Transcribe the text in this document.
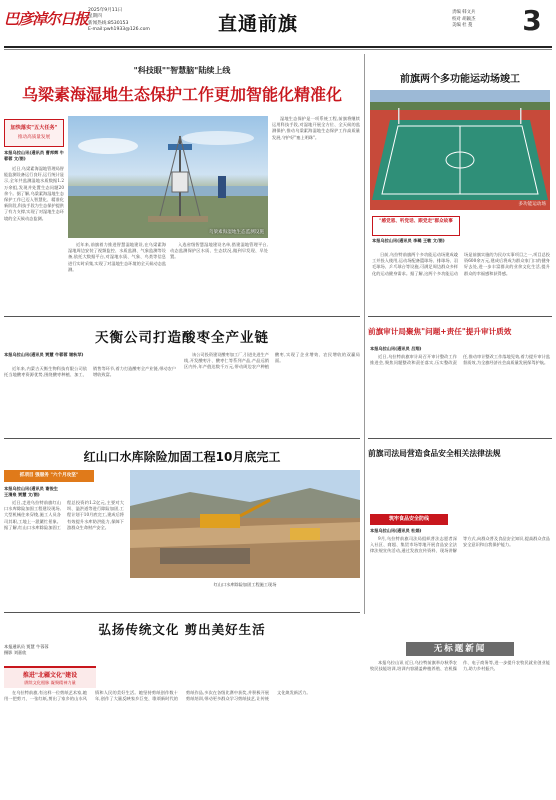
巴彦淖尔日报 2025年9月11日
星期四
新闻热线:8530153
E-mail:pwh1933@126.com	直通前旗
责编 韩文兵
校对 胡颖杰
美编 杜 蔓 3
"科技眼""智慧脑"陆续上线
乌梁素海湿地生态保护工作更加智能化精准化
加快落实"五大任务"
推动高质量发展
本报乌拉山讯(通讯员 曹邦辉 牛蓉蓉 文/图)

近日,乌梁素海湿地管理局智能监测设备运行良好,运行统计显示,全年共监测湿地水质数据1.2万余组,发现并处置生态问题20余个。据了解,乌梁素海湿地生态保护工作已迈入智慧化、精准化新阶段,科技手段为生态保护提供了有力支撑,实现了对湿地生态环境的全天候动态监测。

乌梁素海湿地生态监测设施

近年来,前旗着力推进智慧湿地建设,在乌梁素海湿地周边安装了视频监控、水质监测、气象监测等设备,依托大数据平台,对湿地水质、气象、鸟类等信息进行实时采集,实现了对湿地生态环境的全天候动态监测。

入选省级智慧湿地建设名单,搭建湿地管理平台,动态监测保护区水质、生态状况,做到早发现、早处置。

湿地生态保护是一项系统工程,前旗将继续运用科技手段,对湿地开展全方位、全天候的监测保护,推动乌梁素海湿地生态保护工作高质量发展,守护好"塞上明珠"。

前旗两个多功能运动场竣工
多功能运动场
"感党恩、听党话、跟党走"群众故事
本报乌拉山讯(通讯员 李璐 王敏 文/图)

日前,乌拉特前旗两个多功能运动场建成竣工并投入使用,运动场配备篮球场、排球场、羽毛球场、乒乓球台等设施,可满足周边群众多样化的运动健身需求。据了解,这两个多功能运动场是前旗实施的为民办实事项目之一,项目总投资600余万元,建成后将成为群众家门口的健身好去处,进一步丰富群众的业余文化生活,提升群众的幸福感和获得感。

天衡公司打造酸枣全产业链
本报乌拉山讯(通讯员 贾慧 牛蓉蓉 谢秋苹)

近年来,内蒙古天衡生物科技有限公司依托当地酸枣资源优势,围绕酸枣种植、加工、销售等环节,着力打造酸枣全产业链,带动农户增收致富。

该公司投资建设酸枣加工厂,引进先进生产线,开发酸枣汁、酸枣仁等系列产品,产品远销区内外,年产值达数千万元,带动周边农户种植酸枣,实现了企业增效、农民增收的双赢局面。

前旗审计局聚焦"问题+责任"提升审计质效
本报乌拉山讯(通讯员 吕翔)

近日,乌拉特前旗审计局召开审计整改工作推进会,聚焦问题整改和责任落实,压实整改责任,推动审计整改工作落地见效,着力提升审计监督质效,为全旗经济社会高质量发展保驾护航。

红山口水库除险加固工程10月底完工
抓项目 强服务 "六个月攻坚"
本报乌拉山讯(通讯员 谢俊生 王清泉 贾慧 文/图)

近日,走进乌拉特前旗红山口水库除险加固工程建设现场,大型机械往来穿梭,施工人员各司其职,工地上一派繁忙景象。据了解,红山口水库除险加固工程总投资约1.2亿元,主要对大坝、溢洪道等进行除险加固,工程计划于10月底完工,建成后将有效提升水库防洪能力,保障下游群众生命财产安全。

红山口水库除险加固工程施工现场
前旗司法局营造食品安全相关法律法规
筑牢食品安全防线
本报乌拉山讯(通讯员 杜娟)

9月,乌拉特前旗司法局组织普法志愿者深入社区、商超、集贸市场等地开展食品安全法律法规宣传活动,通过发放宣传资料、现场讲解等方式,向群众普及食品安全知识,提高群众食品安全意识和自我保护能力。

弘扬传统文化 剪出美好生活
本报通讯员 贾慧 牛蓉蓉
摄影 刘嘉欣
推进"北疆文化"建设
赓续文化根脉 凝聚精神力量

在乌拉特前旗,有这样一位剪纸艺术家,她用一把剪刀、一张红纸,剪出了家乡的山水风情和人民的美好生活。她坚持剪纸创作数十年,创作了大量反映家乡巨变、歌颂新时代的剪纸作品,多次在各级比赛中获奖,并积极开展剪纸培训,带动更多群众学习剪纸技艺,让传统文化焕发新活力。

无标题新闻

本报乌拉山讯 近日,乌拉特前旗举办秋季农牧民技能培训,培训内容涵盖种植养殖、农机操作、电子商务等,进一步提升农牧民就业创业能力,助力乡村振兴。
